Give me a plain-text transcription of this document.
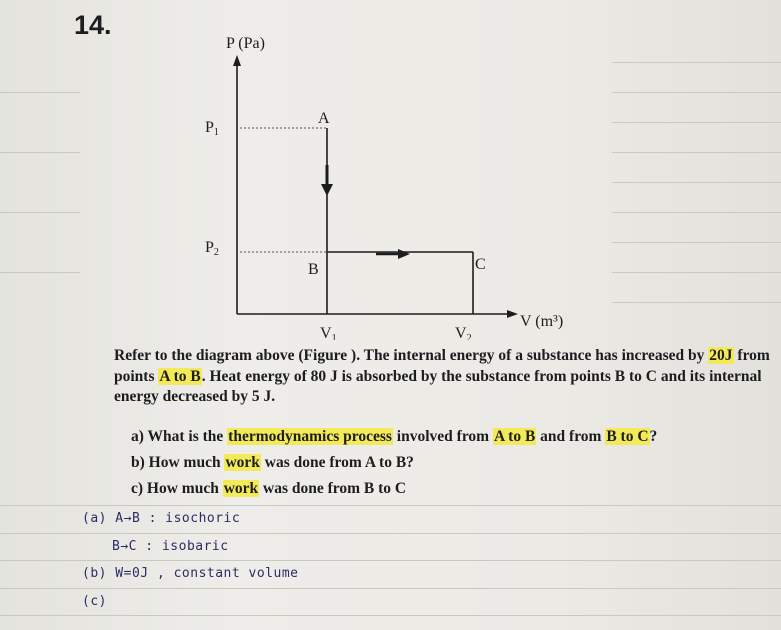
14.
P (Pa)
V (m³)
A
B	C
P1
P2
V1	V2
Refer to the diagram above (Figure ). The internal energy of a substance has increased by 20J from points A to B. Heat energy of 80 J is absorbed by the substance from points B to C and its internal energy decreased by 5 J.
a) What is the thermodynamics process involved from A to B and from B to C?
b) How much work was done from A to B?
c) How much work was done from B to C
(a) A→B : isochoric
B→C : isobaric
(b) W=0J , constant volume
(c)
